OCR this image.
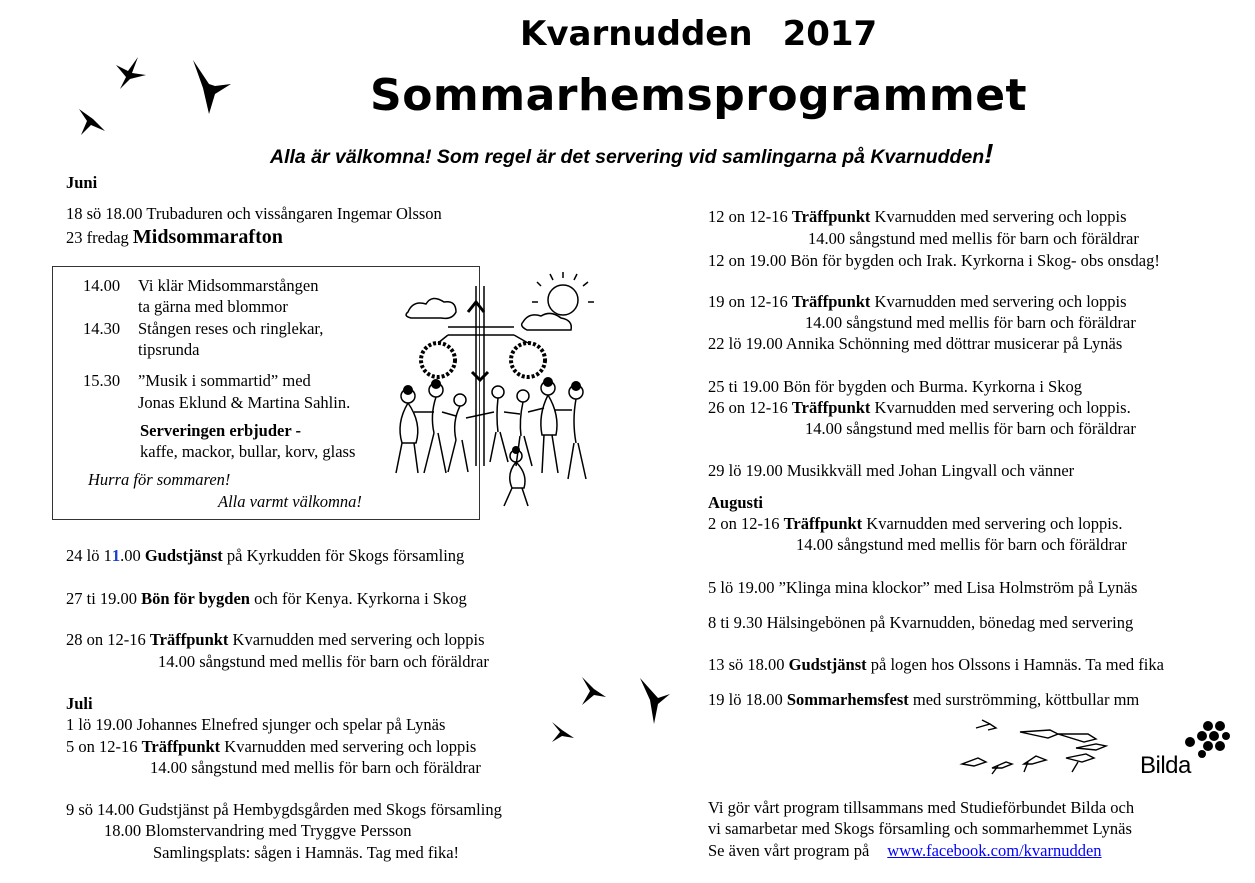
Kvarnudden 2017
Sommarhemsprogrammet
Alla är välkomna! Som regel är det servering vid samlingarna på Kvarnudden!
Juni
18 sö 18.00 Trubaduren och vissångaren Ingemar Olsson
23 fredag Midsommarafton
14.00 Vi klär Midsommarstången
ta gärna med blommor
14.30 Stången reses och ringlekar,
tipsrunda
15.30 ”Musik i sommartid” med
Jonas Eklund & Martina Sahlin.
Serveringen erbjuder -
kaffe, mackor, bullar, korv, glass
Hurra för sommaren!
Alla varmt välkomna!
24 lö 11.00 Gudstjänst på Kyrkudden för Skogs församling
27 ti 19.00 Bön för bygden och för Kenya. Kyrkorna i Skog
28 on 12-16 Träffpunkt Kvarnudden med servering och loppis
14.00 sångstund med mellis för barn och föräldrar
Juli
1 lö 19.00 Johannes Elnefred sjunger och spelar på Lynäs
5 on 12-16 Träffpunkt Kvarnudden med servering och loppis
14.00 sångstund med mellis för barn och föräldrar
9 sö 14.00 Gudstjänst på Hembygdsgården med Skogs församling
18.00 Blomstervandring med Tryggve Persson
Samlingsplats: sågen i Hamnäs. Tag med fika!
12 on 12-16 Träffpunkt Kvarnudden med servering och loppis
14.00 sångstund med mellis för barn och föräldrar
12 on 19.00 Bön för bygden och Irak. Kyrkorna i Skog- obs onsdag!
19 on 12-16 Träffpunkt Kvarnudden med servering och loppis
14.00 sångstund med mellis för barn och föräldrar
22 lö 19.00 Annika Schönning med döttrar musicerar på Lynäs
25 ti 19.00 Bön för bygden och Burma. Kyrkorna i Skog
26 on 12-16 Träffpunkt Kvarnudden med servering och loppis.
14.00 sångstund med mellis för barn och föräldrar
29 lö 19.00 Musikkväll med Johan Lingvall och vänner
Augusti
2 on 12-16 Träffpunkt Kvarnudden med servering och loppis.
14.00 sångstund med mellis för barn och föräldrar
5 lö 19.00 ”Klinga mina klockor” med Lisa Holmström på Lynäs
8 ti 9.30 Hälsingebönen på Kvarnudden, bönedag med servering
13 sö 18.00 Gudstjänst på logen hos Olssons i Hamnäs. Ta med fika
19 lö 18.00 Sommarhemsfest med surströmming, köttbullar mm
Bilda
Vi gör vårt program tillsammans med Studieförbundet Bilda och
vi samarbetar med Skogs församling och sommarhemmet Lynäs
Se även vårt program på www.facebook.com/kvarnudden
